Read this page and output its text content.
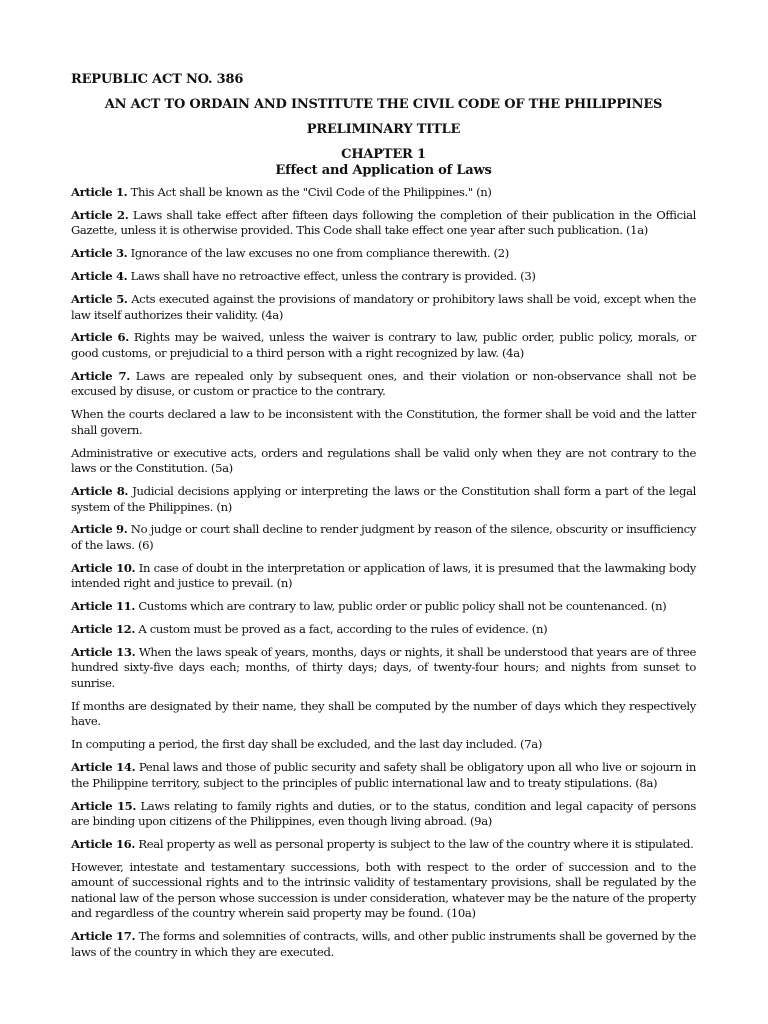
REPUBLIC ACT NO. 386
AN ACT TO ORDAIN AND INSTITUTE THE CIVIL CODE OF THE PHILIPPINES
PRELIMINARY TITLE
CHAPTER 1
Effect and Application of Laws

Article 1. This Act shall be known as the "Civil Code of the Philippines." (n)

Article 2. Laws shall take effect after fifteen days following the completion of their publication in the Official Gazette, unless it is otherwise provided. This Code shall take effect one year after such publication. (1a)

Article 3. Ignorance of the law excuses no one from compliance therewith. (2)

Article 4. Laws shall have no retroactive effect, unless the contrary is provided. (3)

Article 5. Acts executed against the provisions of mandatory or prohibitory laws shall be void, except when the law itself authorizes their validity. (4a)

Article 6. Rights may be waived, unless the waiver is contrary to law, public order, public policy, morals, or good customs, or prejudicial to a third person with a right recognized by law. (4a)

Article 7. Laws are repealed only by subsequent ones, and their violation or non-observance shall not be excused by disuse, or custom or practice to the contrary.

When the courts declared a law to be inconsistent with the Constitution, the former shall be void and the latter shall govern.

Administrative or executive acts, orders and regulations shall be valid only when they are not contrary to the laws or the Constitution. (5a)

Article 8. Judicial decisions applying or interpreting the laws or the Constitution shall form a part of the legal system of the Philippines. (n)

Article 9. No judge or court shall decline to render judgment by reason of the silence, obscurity or insufficiency of the laws. (6)

Article 10. In case of doubt in the interpretation or application of laws, it is presumed that the lawmaking body intended right and justice to prevail. (n)

Article 11. Customs which are contrary to law, public order or public policy shall not be countenanced. (n)

Article 12. A custom must be proved as a fact, according to the rules of evidence. (n)

Article 13. When the laws speak of years, months, days or nights, it shall be understood that years are of three hundred sixty-five days each; months, of thirty days; days, of twenty-four hours; and nights from sunset to sunrise.

If months are designated by their name, they shall be computed by the number of days which they respectively have.

In computing a period, the first day shall be excluded, and the last day included. (7a)

Article 14. Penal laws and those of public security and safety shall be obligatory upon all who live or sojourn in the Philippine territory, subject to the principles of public international law and to treaty stipulations. (8a)

Article 15. Laws relating to family rights and duties, or to the status, condition and legal capacity of persons are binding upon citizens of the Philippines, even though living abroad. (9a)

Article 16. Real property as well as personal property is subject to the law of the country where it is stipulated.

However, intestate and testamentary successions, both with respect to the order of succession and to the amount of successional rights and to the intrinsic validity of testamentary provisions, shall be regulated by the national law of the person whose succession is under consideration, whatever may be the nature of the property and regardless of the country wherein said property may be found. (10a)

Article 17. The forms and solemnities of contracts, wills, and other public instruments shall be governed by the laws of the country in which they are executed.
